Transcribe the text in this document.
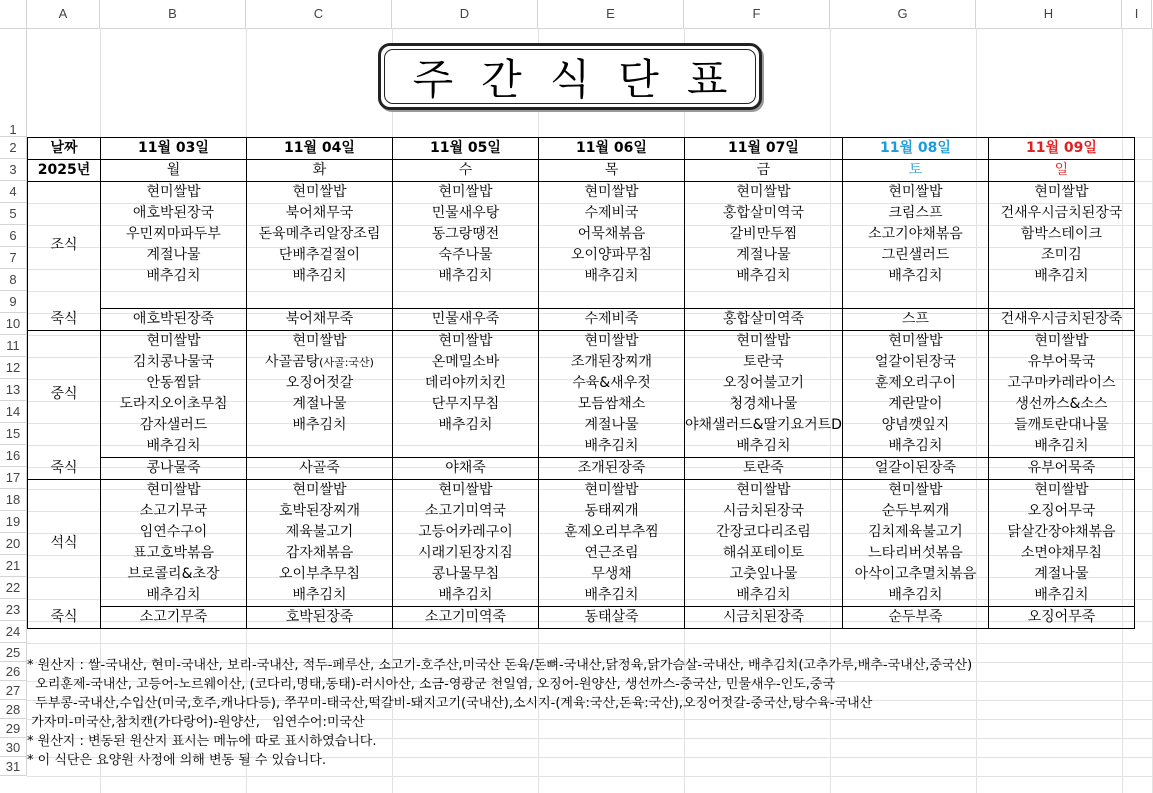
A	B	C	D	E	F	G	H	I
1
2
3
4
5
6
7
8
9
10
11
12
13
14
15
16
17
18
19
20
21
22
23
24
25
26
27
28
29
30
31
주간식단표
날짜	11월 03일	11월 04일	11월 05일	11월 06일	11월 07일	11월 08일	11월 09일
2025년	월	화	수	목	금	토	일
조식	현미쌀밥	현미쌀밥	현미쌀밥	현미쌀밥	현미쌀밥	현미쌀밥	현미쌀밥
	애호박된장국	북어채무국	민물새우탕	수제비국	홍합살미역국	크림스프	건새우시금치된장국
	우민찌마파두부	돈육메추리알장조림	동그랑땡전	어묵채볶음	갈비만두찜	소고기야채볶음	함박스테이크
	계절나물	단배추겉절이	숙주나물	오이양파무침	계절나물	그린샐러드	조미김
	배추김치	배추김치	배추김치	배추김치	배추김치	배추김치	배추김치

죽식	애호박된장죽	북어채무죽	민물새우죽	수제비죽	홍합살미역죽	스프	건새우시금치된장죽
중식	현미쌀밥	현미쌀밥	현미쌀밥	현미쌀밥	현미쌀밥	현미쌀밥	현미쌀밥
	김치콩나물국	사골곰탕(사골:국산)	온메밀소바	조개된장찌개	토란국	얼갈이된장국	유부어묵국
	안동찜닭	오징어젓갈	데리야끼치킨	수육&새우젓	오징어불고기	훈제오리구이	고구마카레라이스
	도라지오이초무침	계절나물	단무지무침	모듬쌈채소	청경채나물	계란말이	생선까스&소스
	감자샐러드	배추김치	배추김치	계절나물	야채샐러드&딸기요거트D	양념깻잎지	들깨토란대나물
	배추김치			배추김치	배추김치	배추김치	배추김치
죽식	콩나물죽	사골죽	야채죽	조개된장죽	토란죽	얼갈이된장죽	유부어묵죽
석식	현미쌀밥	현미쌀밥	현미쌀밥	현미쌀밥	현미쌀밥	현미쌀밥	현미쌀밥
	소고기무국	호박된장찌개	소고기미역국	동태찌개	시금치된장국	순두부찌개	오징어무국
	임연수구이	제육불고기	고등어카레구이	훈제오리부추찜	간장코다리조림	김치제육불고기	닭살간장야채볶음
	표고호박볶음	감자채볶음	시래기된장지짐	연근조림	해쉬포테이토	느타리버섯볶음	소면야채무침
	브로콜리&초장	오이부추무침	콩나물무침	무생채	고춧잎나물	아삭이고추멸치볶음	계절나물
	배추김치	배추김치	배추김치	배추김치	배추김치	배추김치	배추김치
죽식	소고기무죽	호박된장죽	소고기미역죽	동태살죽	시금치된장죽	순두부죽	오징어무죽
* 원산지 : 쌀-국내산, 현미-국내산, 보리-국내산, 적두-페루산, 소고기-호주산,미국산 돈육/돈뼈-국내산,닭정육,닭가슴살-국내산, 배추김치(고추가루,배추-국내산,중국산)
오리훈제-국내산, 고등어-노르웨이산, (코다리,명태,동태)-러시아산, 소금-영광군 천일염, 오징어-원양산, 생선까스-중국산, 민물새우-인도,중국
두부콩-국내산,수입산(미국,호주,캐나다등), 쭈꾸미-태국산,떡갈비-돼지고기(국내산),소시지-(계육:국산,돈육:국산),오징어젓갈-중국산,탕수육-국내산
가자미-미국산,참치캔(가다랑어)-원양산,   임연수어:미국산
* 원산지 : 변동된 원산지 표시는 메뉴에 따로 표시하였습니다.
* 이 식단은 요양원 사정에 의해 변동 될 수 있습니다.
